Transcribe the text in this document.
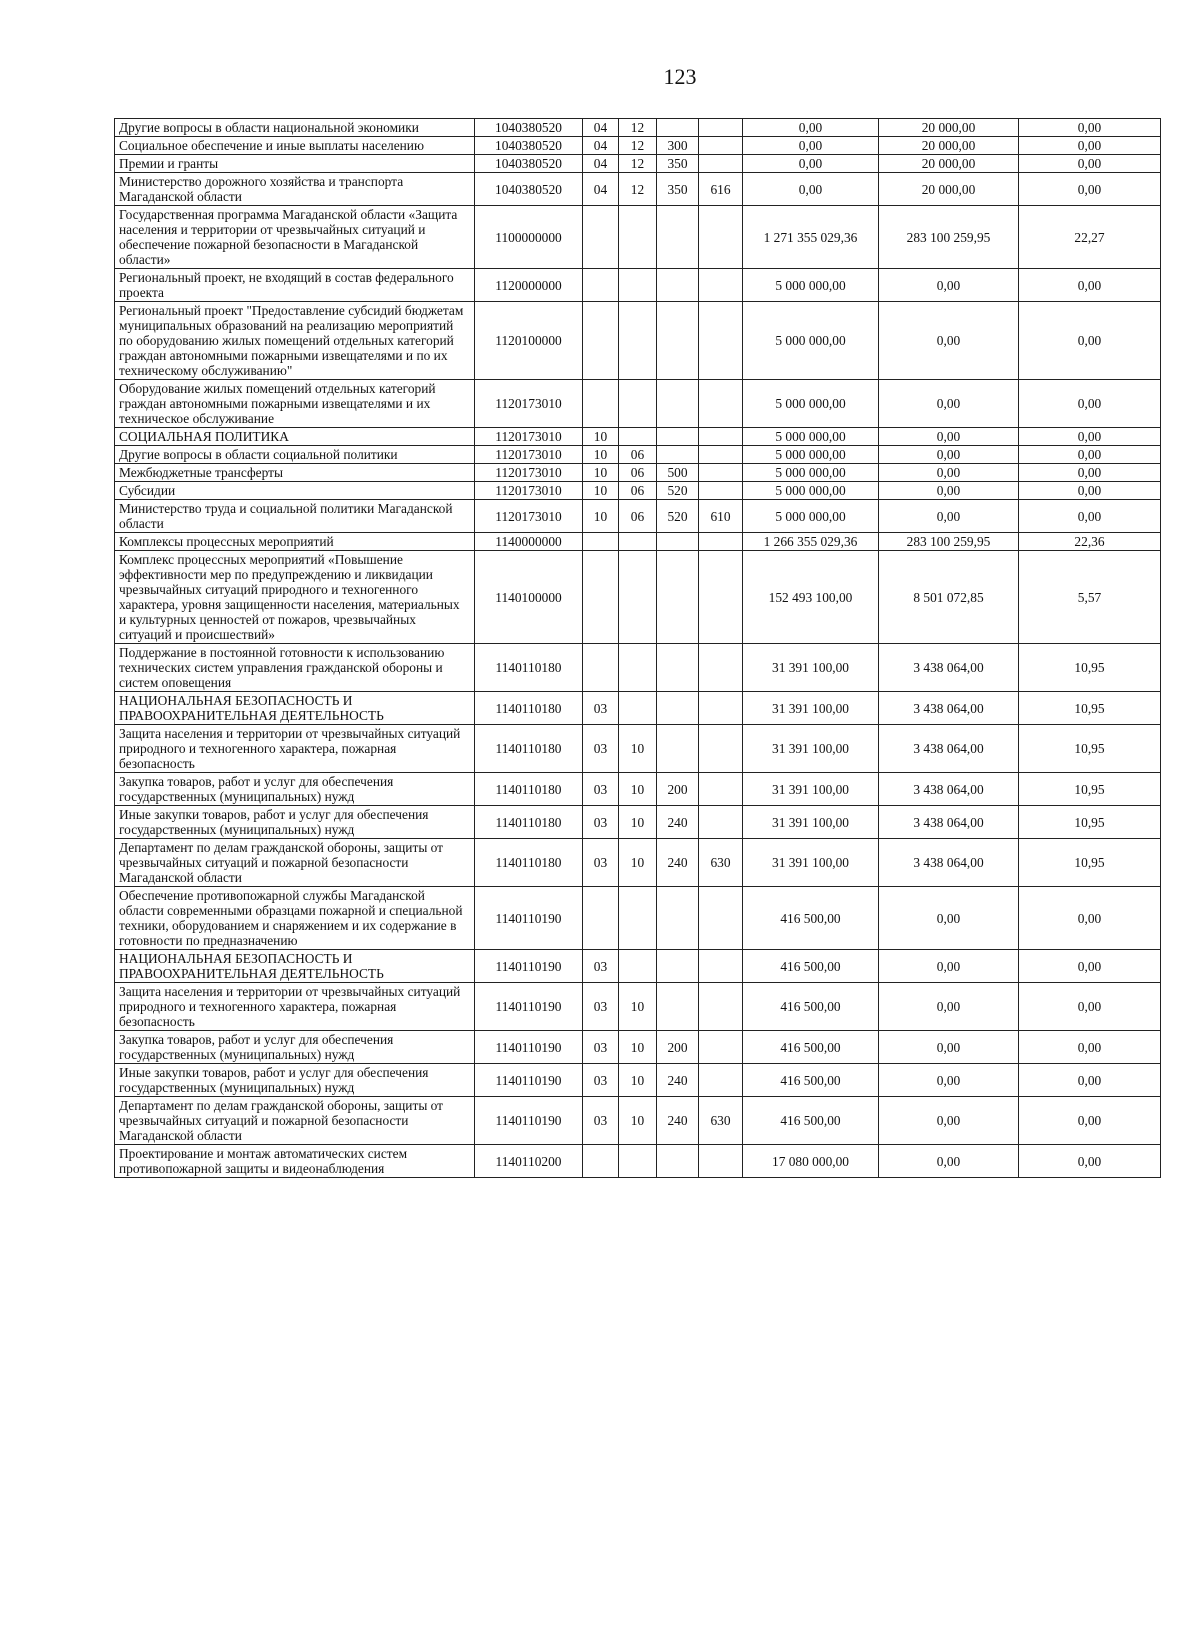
123
Другие вопросы в области национальной экономики	1040380520	04	12			0,00	20 000,00	0,00
Социальное обеспечение и иные выплаты населению	1040380520	04	12	300		0,00	20 000,00	0,00
Премии и гранты	1040380520	04	12	350		0,00	20 000,00	0,00
Министерство дорожного хозяйства и транспорта Магаданской области	1040380520	04	12	350	616	0,00	20 000,00	0,00
Государственная программа Магаданской области «Защита населения и территории от чрезвычайных ситуаций и обеспечение пожарной безопасности в Магаданской области»	1100000000					1 271 355 029,36	283 100 259,95	22,27
Региональный проект, не входящий в состав федерального проекта	1120000000					5 000 000,00	0,00	0,00
Региональный проект "Предоставление субсидий бюджетам муниципальных образований на реализацию мероприятий по оборудованию жилых помещений отдельных категорий граждан автономными пожарными извещателями и по их техническому обслуживанию"	1120100000					5 000 000,00	0,00	0,00
Оборудование жилых помещений отдельных категорий граждан автономными пожарными извещателями и их техническое обслуживание	1120173010					5 000 000,00	0,00	0,00
СОЦИАЛЬНАЯ ПОЛИТИКА	1120173010	10				5 000 000,00	0,00	0,00
Другие вопросы в области социальной политики	1120173010	10	06			5 000 000,00	0,00	0,00
Межбюджетные трансферты	1120173010	10	06	500		5 000 000,00	0,00	0,00
Субсидии	1120173010	10	06	520		5 000 000,00	0,00	0,00
Министерство труда и социальной политики Магаданской области	1120173010	10	06	520	610	5 000 000,00	0,00	0,00
Комплексы процессных мероприятий	1140000000					1 266 355 029,36	283 100 259,95	22,36
Комплекс процессных мероприятий «Повышение эффективности мер по предупреждению и ликвидации чрезвычайных ситуаций природного и техногенного характера, уровня защищенности населения, материальных и культурных ценностей от пожаров, чрезвычайных ситуаций и происшествий»	1140100000					152 493 100,00	8 501 072,85	5,57
Поддержание в постоянной готовности к использованию технических систем управления гражданской обороны и систем оповещения	1140110180					31 391 100,00	3 438 064,00	10,95
НАЦИОНАЛЬНАЯ БЕЗОПАСНОСТЬ И ПРАВООХРАНИТЕЛЬНАЯ ДЕЯТЕЛЬНОСТЬ	1140110180	03				31 391 100,00	3 438 064,00	10,95
Защита населения и территории от чрезвычайных ситуаций природного и техногенного характера, пожарная безопасность	1140110180	03	10			31 391 100,00	3 438 064,00	10,95
Закупка товаров, работ и услуг для обеспечения государственных (муниципальных) нужд	1140110180	03	10	200		31 391 100,00	3 438 064,00	10,95
Иные закупки товаров, работ и услуг для обеспечения государственных (муниципальных) нужд	1140110180	03	10	240		31 391 100,00	3 438 064,00	10,95
Департамент по делам гражданской обороны, защиты от чрезвычайных ситуаций и пожарной безопасности Магаданской области	1140110180	03	10	240	630	31 391 100,00	3 438 064,00	10,95
Обеспечение противопожарной службы Магаданской области современными образцами пожарной и специальной техники, оборудованием и снаряжением и их содержание в готовности по предназначению	1140110190					416 500,00	0,00	0,00
НАЦИОНАЛЬНАЯ БЕЗОПАСНОСТЬ И ПРАВООХРАНИТЕЛЬНАЯ ДЕЯТЕЛЬНОСТЬ	1140110190	03				416 500,00	0,00	0,00
Защита населения и территории от чрезвычайных ситуаций природного и техногенного характера, пожарная безопасность	1140110190	03	10			416 500,00	0,00	0,00
Закупка товаров, работ и услуг для обеспечения государственных (муниципальных) нужд	1140110190	03	10	200		416 500,00	0,00	0,00
Иные закупки товаров, работ и услуг для обеспечения государственных (муниципальных) нужд	1140110190	03	10	240		416 500,00	0,00	0,00
Департамент по делам гражданской обороны, защиты от чрезвычайных ситуаций и пожарной безопасности Магаданской области	1140110190	03	10	240	630	416 500,00	0,00	0,00
Проектирование и монтаж автоматических систем противопожарной защиты и видеонаблюдения	1140110200					17 080 000,00	0,00	0,00
